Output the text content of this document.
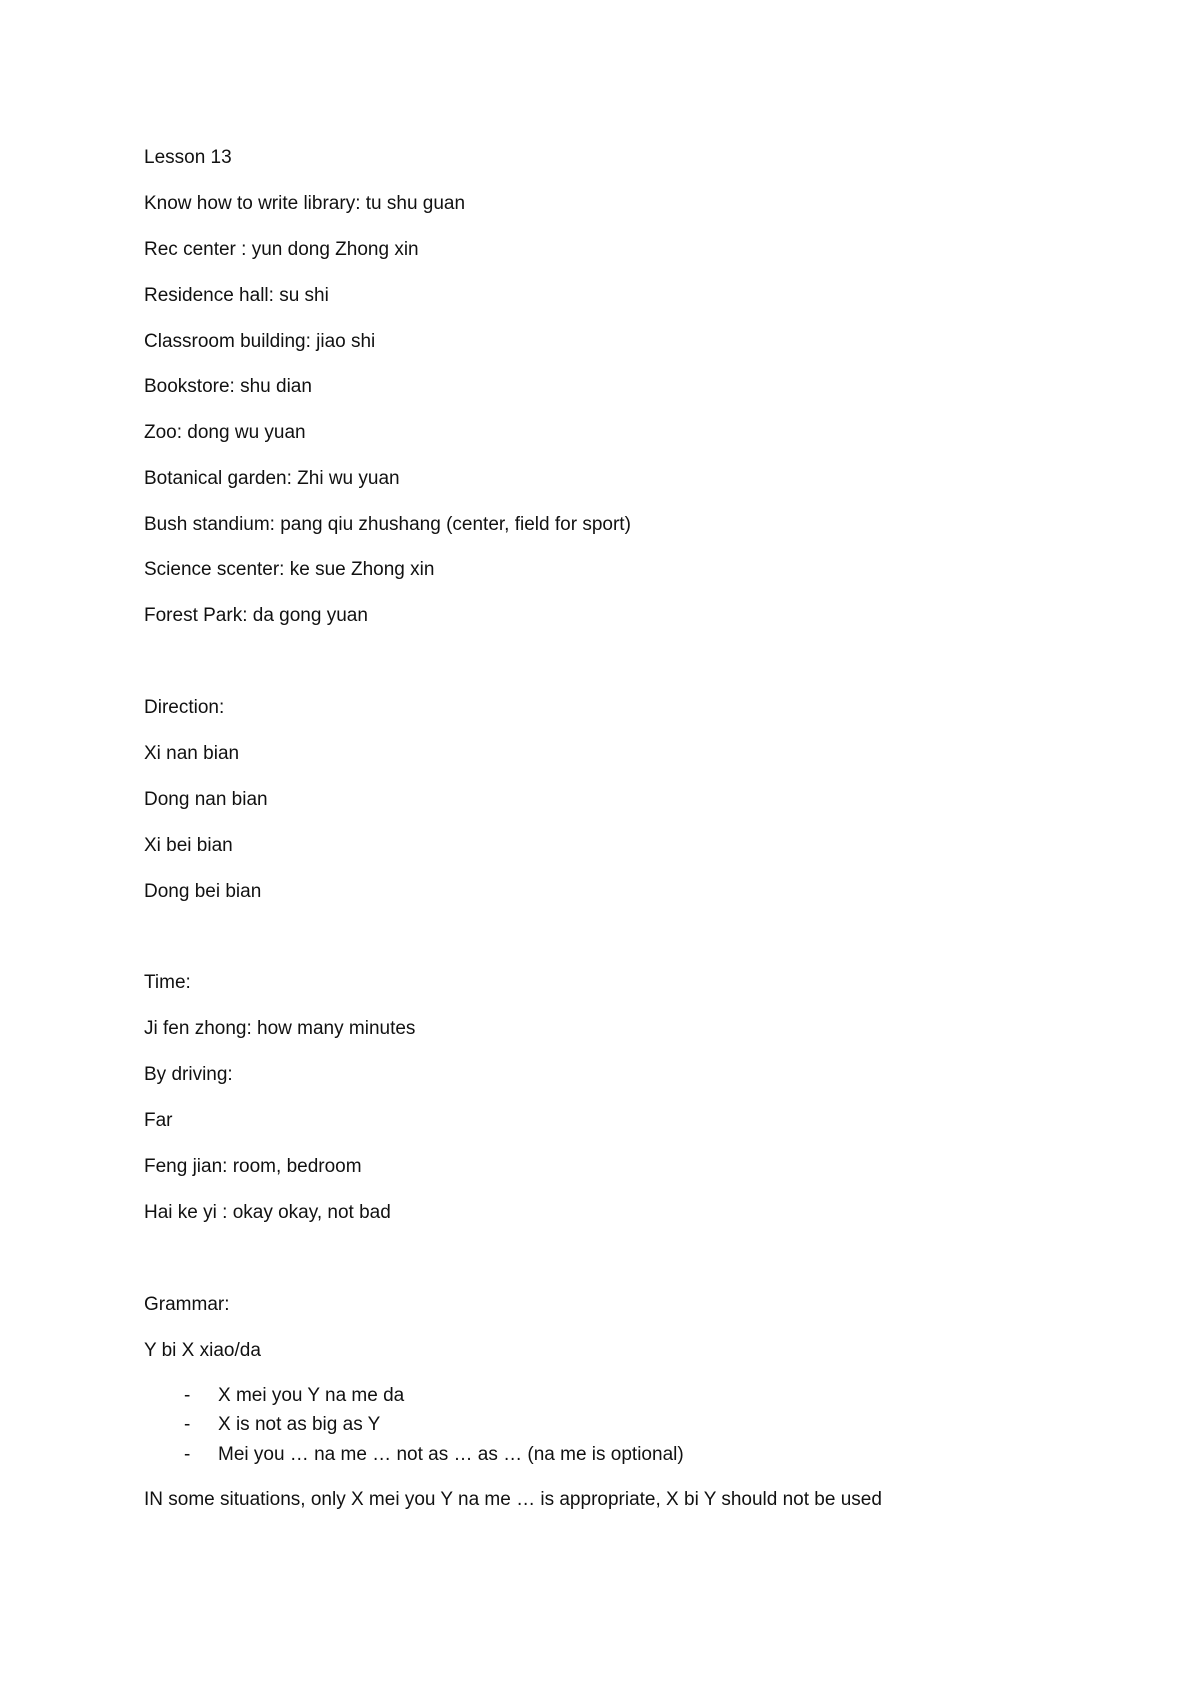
Lesson 13
Know how to write library: tu shu guan
Rec center : yun dong Zhong xin
Residence hall: su shi
Classroom building: jiao shi
Bookstore: shu dian
Zoo: dong wu yuan
Botanical garden: Zhi wu yuan
Bush standium: pang qiu zhushang (center, field for sport)
Science scenter: ke sue Zhong xin
Forest Park: da gong yuan
Direction:
Xi nan bian
Dong nan bian
Xi bei bian
Dong bei bian
Time:
Ji fen zhong: how many minutes
By driving:
Far
Feng jian: room, bedroom
Hai ke yi : okay okay, not bad
Grammar:
Y bi X xiao/da
- X mei you Y na me da
- X is not as big as Y
- Mei you … na me … not as … as … (na me is optional)
IN some situations, only X mei you Y na me … is appropriate, X bi Y should not be used
